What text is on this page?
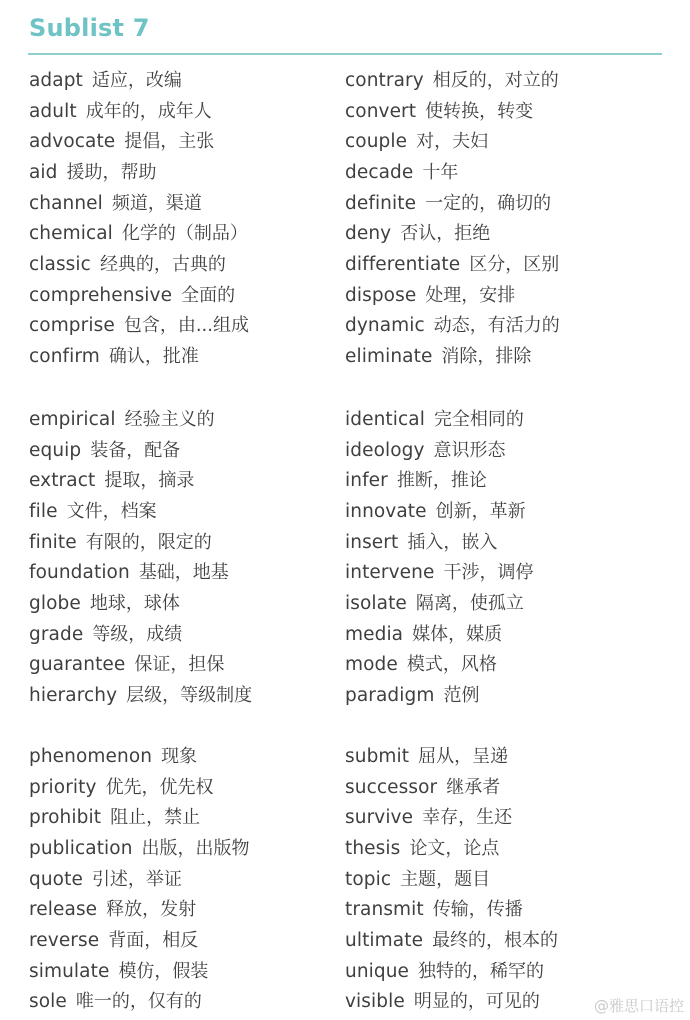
Sublist 7
adapt 适应，改编
adult 成年的，成年人
advocate 提倡，主张
aid 援助，帮助
channel 频道，渠道
chemical 化学的（制品）
classic 经典的，古典的
comprehensive 全面的
comprise 包含，由...组成
confirm 确认，批准
empirical 经验主义的
equip 装备，配备
extract 提取，摘录
file 文件，档案
finite 有限的，限定的
foundation 基础，地基
globe 地球，球体
grade 等级，成绩
guarantee 保证，担保
hierarchy 层级，等级制度
phenomenon 现象
priority 优先，优先权
prohibit 阻止，禁止
publication 出版，出版物
quote 引述，举证
release 释放，发射
reverse 背面，相反
simulate 模仿，假装
sole 唯一的，仅有的
contrary 相反的，对立的
convert 使转换，转变
couple 对，夫妇
decade 十年
definite 一定的，确切的
deny 否认，拒绝
differentiate 区分，区别
dispose 处理，安排
dynamic 动态，有活力的
eliminate 消除，排除
identical 完全相同的
ideology 意识形态
infer 推断，推论
innovate 创新，革新
insert 插入，嵌入
intervene 干涉，调停
isolate 隔离，使孤立
media 媒体，媒质
mode 模式，风格
paradigm 范例
submit 屈从，呈递
successor 继承者
survive 幸存，生还
thesis 论文，论点
topic 主题，题目
transmit 传输，传播
ultimate 最终的，根本的
unique 独特的，稀罕的
visible 明显的，可见的	@雅思口语控
